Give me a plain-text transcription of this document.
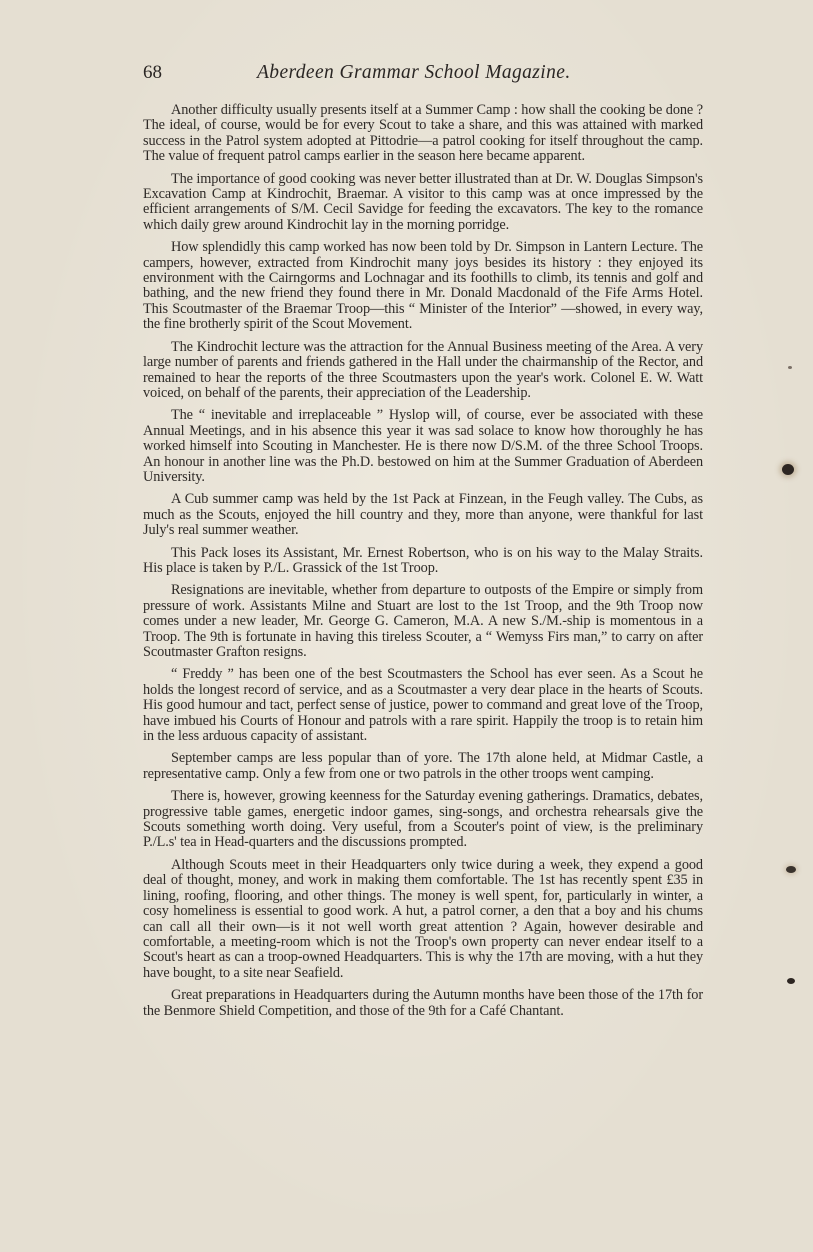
68	Aberdeen Grammar School Magazine.

Another difficulty usually presents itself at a Summer Camp : how shall the cooking be done ? The ideal, of course, would be for every Scout to take a share, and this was attained with marked success in the Patrol system adopted at Pittodrie—a patrol cooking for itself throughout the camp. The value of frequent patrol camps earlier in the season here became apparent.

The importance of good cooking was never better illustrated than at Dr. W. Douglas Simpson's Excavation Camp at Kindrochit, Braemar. A visitor to this camp was at once impressed by the efficient arrangements of S/M. Cecil Savidge for feeding the excavators. The key to the romance which daily grew around Kindrochit lay in the morning porridge.

How splendidly this camp worked has now been told by Dr. Simpson in Lantern Lecture. The campers, however, extracted from Kindrochit many joys besides its history : they enjoyed its environment with the Cairngorms and Lochnagar and its foothills to climb, its tennis and golf and bathing, and the new friend they found there in Mr. Donald Macdonald of the Fife Arms Hotel. This Scoutmaster of the Braemar Troop—this “ Minister of the Interior” —showed, in every way, the fine brotherly spirit of the Scout Movement.

The Kindrochit lecture was the attraction for the Annual Business meeting of the Area. A very large number of parents and friends gathered in the Hall under the chairmanship of the Rector, and remained to hear the reports of the three Scoutmasters upon the year's work. Colonel E. W. Watt voiced, on behalf of the parents, their appreciation of the Leadership.

The “ inevitable and irreplaceable ” Hyslop will, of course, ever be associated with these Annual Meetings, and in his absence this year it was sad solace to know how thoroughly he has worked himself into Scouting in Manchester. He is there now D/S.M. of the three School Troops. An honour in another line was the Ph.D. bestowed on him at the Summer Graduation of Aberdeen University.

A Cub summer camp was held by the 1st Pack at Finzean, in the Feugh valley. The Cubs, as much as the Scouts, enjoyed the hill country and they, more than anyone, were thankful for last July's real summer weather.

This Pack loses its Assistant, Mr. Ernest Robertson, who is on his way to the Malay Straits. His place is taken by P./L. Grassick of the 1st Troop.

Resignations are inevitable, whether from departure to outposts of the Empire or simply from pressure of work. Assistants Milne and Stuart are lost to the 1st Troop, and the 9th Troop now comes under a new leader, Mr. George G. Cameron, M.A. A new S./M.-ship is momentous in a Troop. The 9th is fortunate in having this tireless Scouter, a “ Wemyss Firs man,” to carry on after Scoutmaster Grafton resigns.

“ Freddy ” has been one of the best Scoutmasters the School has ever seen. As a Scout he holds the longest record of service, and as a Scoutmaster a very dear place in the hearts of Scouts. His good humour and tact, perfect sense of justice, power to command and great love of the Troop, have imbued his Courts of Honour and patrols with a rare spirit. Happily the troop is to retain him in the less arduous capacity of assistant.

September camps are less popular than of yore. The 17th alone held, at Midmar Castle, a representative camp. Only a few from one or two patrols in the other troops went camping.

There is, however, growing keenness for the Saturday evening gatherings. Dramatics, debates, progressive table games, energetic indoor games, sing-songs, and orchestra rehearsals give the Scouts something worth doing. Very useful, from a Scouter's point of view, is the preliminary P./L.s' tea in Head-quarters and the discussions prompted.

Although Scouts meet in their Headquarters only twice during a week, they expend a good deal of thought, money, and work in making them comfortable. The 1st has recently spent £35 in lining, roofing, flooring, and other things. The money is well spent, for, particularly in winter, a cosy homeliness is essential to good work. A hut, a patrol corner, a den that a boy and his chums can call all their own—is it not well worth great attention ? Again, however desirable and comfortable, a meeting-room which is not the Troop's own property can never endear itself to a Scout's heart as can a troop-owned Headquarters. This is why the 17th are moving, with a hut they have bought, to a site near Seafield.

Great preparations in Headquarters during the Autumn months have been those of the 17th for the Benmore Shield Competition, and those of the 9th for a Café Chantant.
